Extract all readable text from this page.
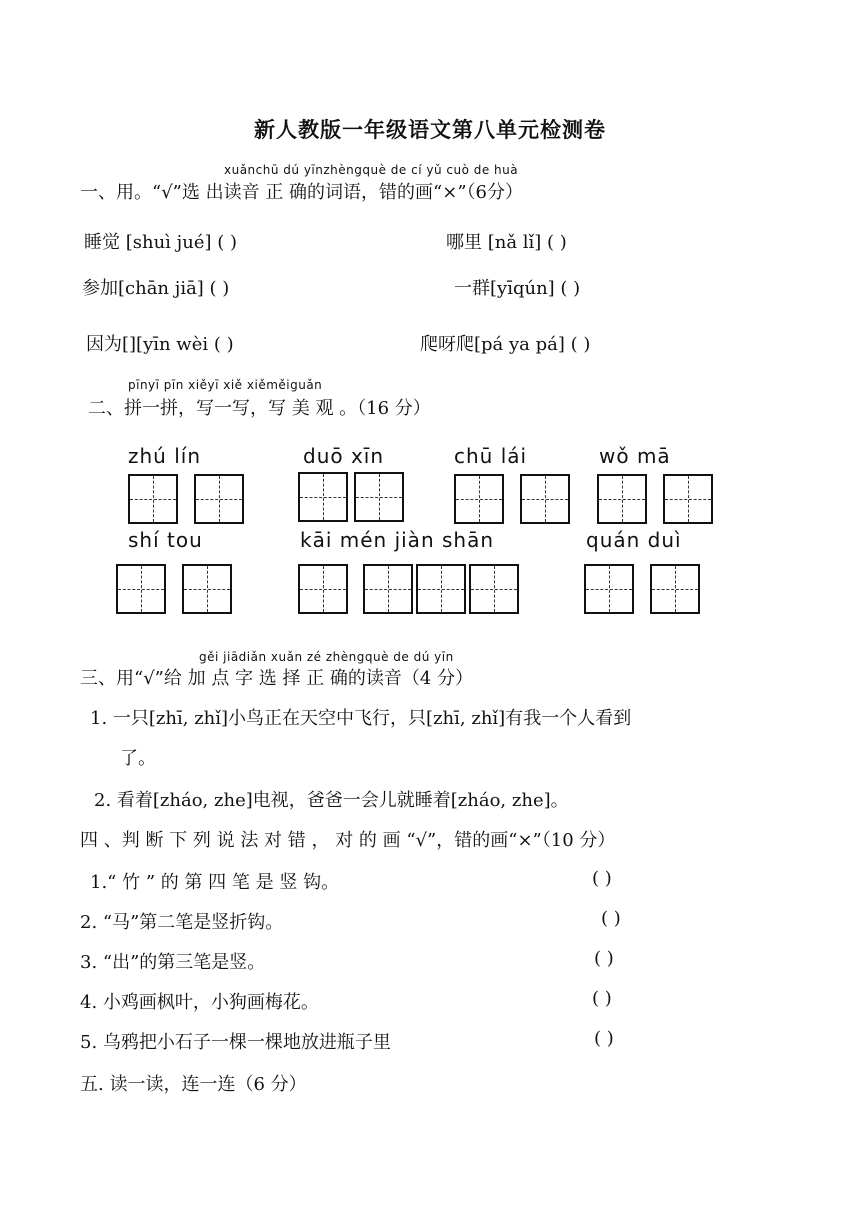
新人教版一年级语文第八单元检测卷
xuǎnchū dú yīnzhèngquè de cí yǔ cuò de huà
一、用。“√”选 出读音 正 确的词语，错的画“×”（6分）
睡觉 [shuì jué] ( )	哪里 [nǎ lǐ] ( )
参加[chān jiā] ( )	一群[yīqún] ( )
因为[][yīn wèi ( )	爬呀爬[pá ya pá] ( )
pīnyī pīn xiěyī xiě xiěměiguǎn
二、拼一拼，写一写，写 美 观 。（16 分）
zhú lín	duō xīn	chū lái	wǒ mā
shí tou	kāi mén jiàn shān	quán duì
gěi jiādiǎn xuǎn zé zhèngquè de dú yīn
三、用“√”给 加 点 字 选 择 正 确的读音（4 分）
1. 一只[zhī, zhǐ]小鸟正在天空中飞行，只[zhī, zhǐ]有我一个人看到
了。
2. 看着[zháo, zhe]电视，爸爸一会儿就睡着[zháo, zhe]。
四 、判 断 下 列 说 法 对 错 ， 对 的 画 “√”，错的画“×”（10 分）
1.“ 竹 ” 的 第 四 笔 是 竖 钩。	( )
2. “马”第二笔是竖折钩。	( )
3. “出”的第三笔是竖。	( )
4. 小鸡画枫叶，小狗画梅花。	( )
5. 乌鸦把小石子一棵一棵地放进瓶子里	( )
五. 读一读，连一连（6 分）
